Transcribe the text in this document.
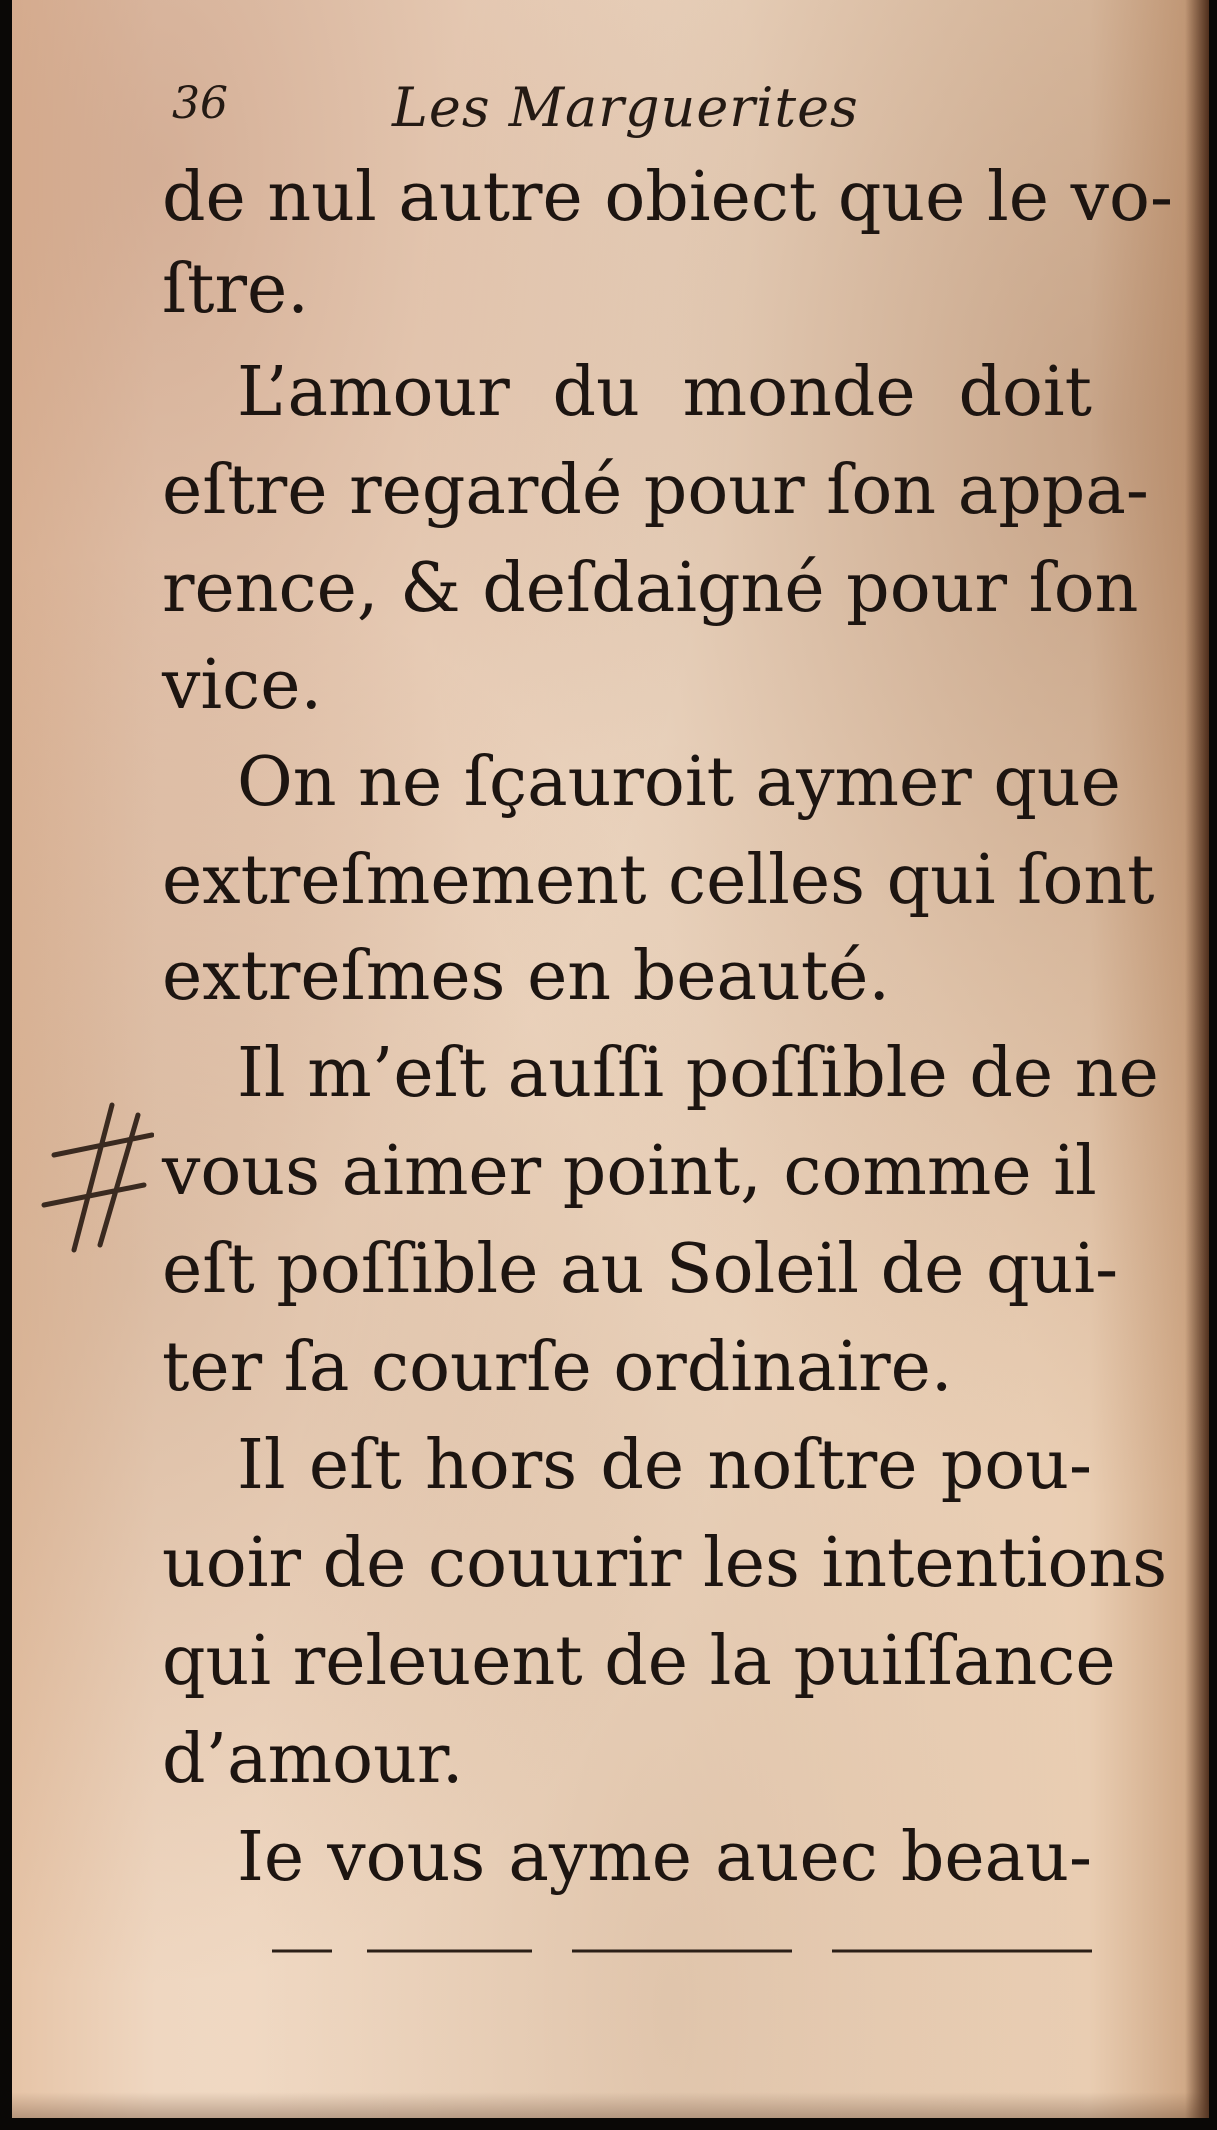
36	Les Marguerites
de nul autre obiect que le vo-
ſtre.
L’amour du monde doit
eſtre regardé pour ſon appa-
rence, & deſdaigné pour ſon
vice.
On ne ſçauroit aymer que
extreſmement celles qui ſont
extreſmes en beauté.
Il m’eſt auſſi poſſible de ne
vous aimer point, comme il
eſt poſſible au Soleil de qui-
ter ſa courſe ordinaire.
Il eſt hors de noſtre pou-
uoir de couurir les intentions
qui releuent de la puiſſance
d’amour.
Ie vous ayme auec beau-
